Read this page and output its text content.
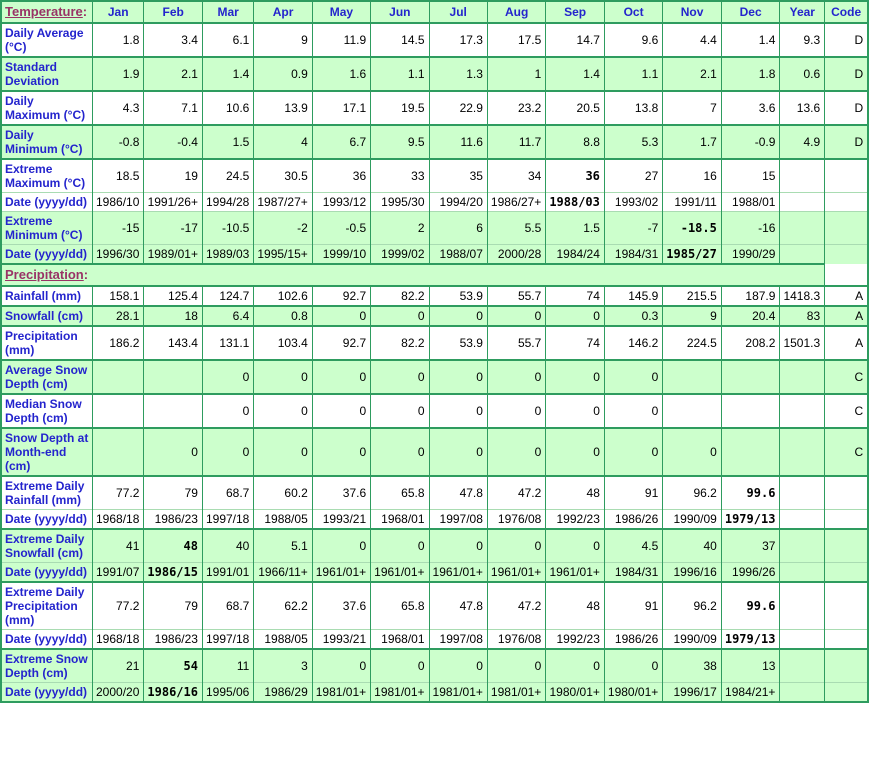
Temperature:	Jan	Feb	Mar	Apr	May	Jun	Jul	Aug	Sep	Oct	Nov	Dec	Year	Code
Daily Average (°C)	1.8	3.4	6.1	9	11.9	14.5	17.3	17.5	14.7	9.6	4.4	1.4	9.3	D
Standard Deviation	1.9	2.1	1.4	0.9	1.6	1.1	1.3	1	1.4	1.1	2.1	1.8	0.6	D
Daily Maximum (°C)	4.3	7.1	10.6	13.9	17.1	19.5	22.9	23.2	20.5	13.8	7	3.6	13.6	D
Daily Minimum (°C)	-0.8	-0.4	1.5	4	6.7	9.5	11.6	11.7	8.8	5.3	1.7	-0.9	4.9	D
Extreme Maximum (°C)	18.5	19	24.5	30.5	36	33	35	34	36	27	16	15		
Date (yyyy/dd)	1986/10	1991/26+	1994/28	1987/27+	1993/12	1995/30	1994/20	1986/27+	1988/03	1993/02	1991/11	1988/01		
Extreme Minimum (°C)	-15	-17	-10.5	-2	-0.5	2	6	5.5	1.5	-7	-18.5	-16		
Date (yyyy/dd)	1996/30	1989/01+	1989/03	1995/15+	1999/10	1999/02	1988/07	2000/28	1984/24	1984/31	1985/27	1990/29		
Precipitation:														
Rainfall (mm)	158.1	125.4	124.7	102.6	92.7	82.2	53.9	55.7	74	145.9	215.5	187.9	1418.3	A
Snowfall (cm)	28.1	18	6.4	0.8	0	0	0	0	0	0.3	9	20.4	83	A
Precipitation (mm)	186.2	143.4	131.1	103.4	92.7	82.2	53.9	55.7	74	146.2	224.5	208.2	1501.3	A
Average Snow Depth (cm)			0	0	0	0	0	0	0	0				C
Median Snow Depth (cm)			0	0	0	0	0	0	0	0				C
Snow Depth at Month-end (cm)		0	0	0	0	0	0	0	0	0	0			C
Extreme Daily Rainfall (mm)	77.2	79	68.7	60.2	37.6	65.8	47.8	47.2	48	91	96.2	99.6		
Date (yyyy/dd)	1968/18	1986/23	1997/18	1988/05	1993/21	1968/01	1997/08	1976/08	1992/23	1986/26	1990/09	1979/13		
Extreme Daily Snowfall (cm)	41	48	40	5.1	0	0	0	0	0	4.5	40	37		
Date (yyyy/dd)	1991/07	1986/15	1991/01	1966/11+	1961/01+	1961/01+	1961/01+	1961/01+	1961/01+	1984/31	1996/16	1996/26		
Extreme Daily Precipitation (mm)	77.2	79	68.7	62.2	37.6	65.8	47.8	47.2	48	91	96.2	99.6		
Date (yyyy/dd)	1968/18	1986/23	1997/18	1988/05	1993/21	1968/01	1997/08	1976/08	1992/23	1986/26	1990/09	1979/13		
Extreme Snow Depth (cm)	21	54	11	3	0	0	0	0	0	0	38	13		
Date (yyyy/dd)	2000/20	1986/16	1995/06	1986/29	1981/01+	1981/01+	1981/01+	1981/01+	1980/01+	1980/01+	1996/17	1984/21+		
